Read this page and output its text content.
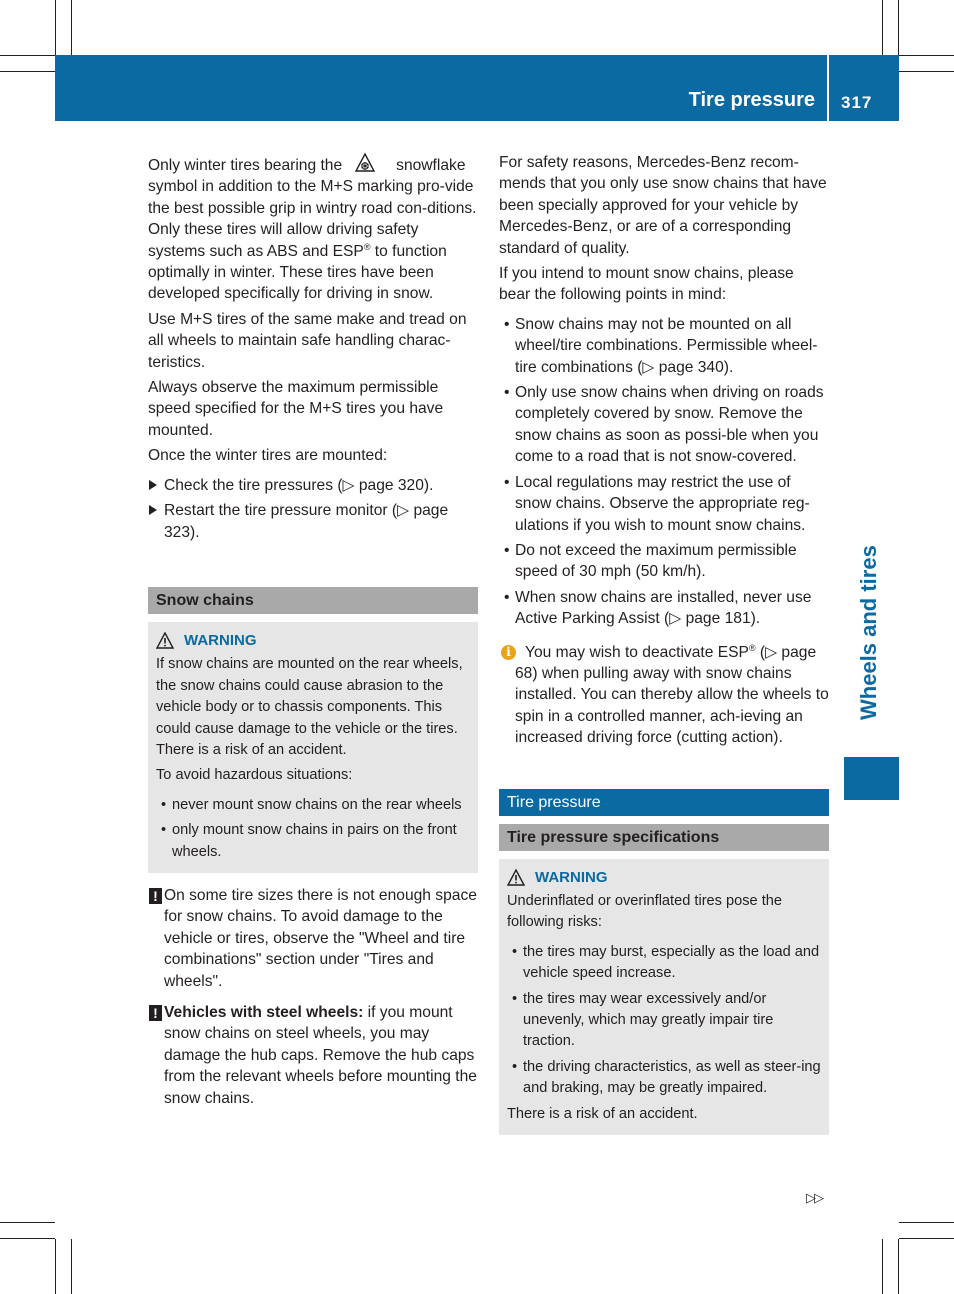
Tire pressure 317
Wheels and tires

Only winter tires bearing the	snowflake symbol in addition to the M+S marking pro-vide the best possible grip in wintry road con-ditions. Only these tires will allow driving safety systems such as ABS and ESP® to function optimally in winter. These tires have been developed specifically for driving in snow.

Use M+S tires of the same make and tread on all wheels to maintain safe handling charac-teristics.

Always observe the maximum permissible speed specified for the M+S tires you have mounted.

Once the winter tires are mounted:

Check the tire pressures (▷ page 320).
Restart the tire pressure monitor (▷ page 323).
Snow chains
WARNING

If snow chains are mounted on the rear wheels, the snow chains could cause abrasion to the vehicle body or to chassis components. This could cause damage to the vehicle or the tires. There is a risk of an accident.

To avoid hazardous situations:

• never mount snow chains on the rear wheels
• only mount snow chains in pairs on the front wheels.
! On some tire sizes there is not enough space for snow chains. To avoid damage to the vehicle or tires, observe the "Wheel and tire combinations" section under "Tires and wheels".
! Vehicles with steel wheels: if you mount snow chains on steel wheels, you may damage the hub caps. Remove the hub caps from the relevant wheels before mounting the snow chains.

For safety reasons, Mercedes-Benz recom-mends that you only use snow chains that have been specially approved for your vehicle by Mercedes-Benz, or are of a corresponding standard of quality.

If you intend to mount snow chains, please bear the following points in mind:

• Snow chains may not be mounted on all wheel/tire combinations. Permissible wheel-tire combinations (▷ page 340).
• Only use snow chains when driving on roads completely covered by snow. Remove the snow chains as soon as possi-ble when you come to a road that is not snow-covered.
• Local regulations may restrict the use of snow chains. Observe the appropriate reg-ulations if you wish to mount snow chains.
• Do not exceed the maximum permissible speed of 30 mph (50 km/h).
• When snow chains are installed, never use Active Parking Assist (▷ page 181).
i You may wish to deactivate ESP® (▷ page 68) when pulling away with snow chains installed. You can thereby allow the wheels to spin in a controlled manner, ach-ieving an increased driving force (cutting action).
Tire pressure
Tire pressure specifications
WARNING

Underinflated or overinflated tires pose the following risks:

• the tires may burst, especially as the load and vehicle speed increase.
• the tires may wear excessively and/or unevenly, which may greatly impair tire traction.
• the driving characteristics, as well as steer-ing and braking, may be greatly impaired.

There is a risk of an accident.

▷▷
